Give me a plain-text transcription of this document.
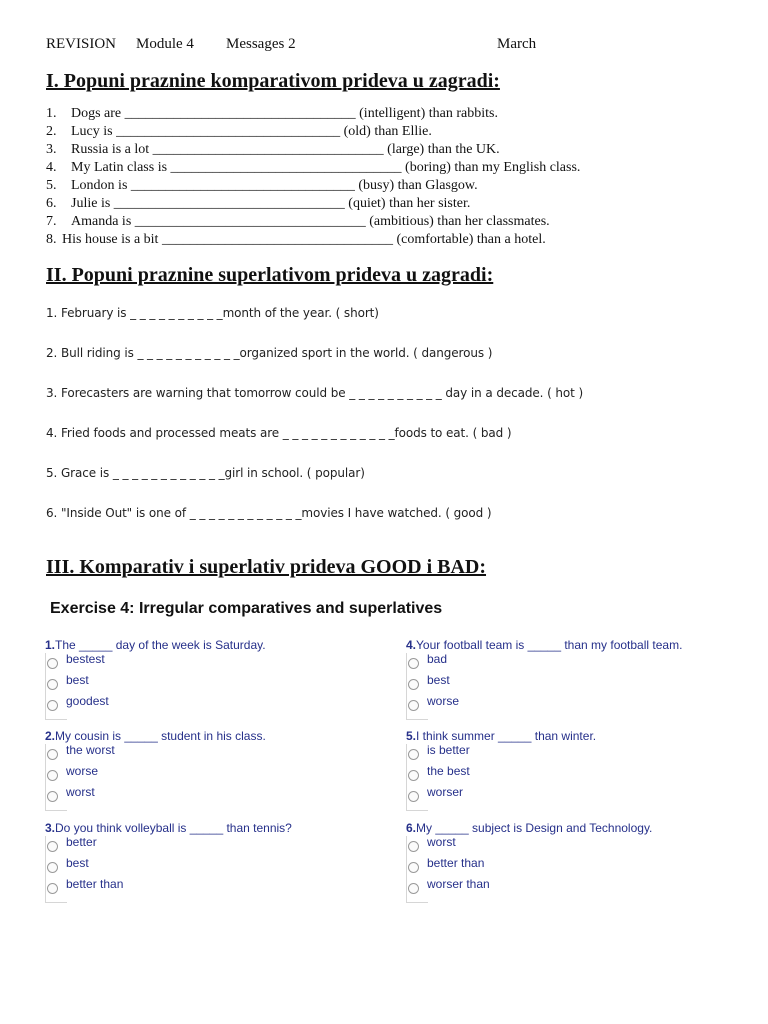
REVISION Module 4 Messages 2	March
I. Popuni praznine komparativom prideva u zagradi:
1. Dogs are _________________________________ (intelligent) than rabbits.
2. Lucy is ________________________________ (old) than Ellie.
3. Russia is a lot _________________________________ (large) than the UK.
4. My Latin class is _________________________________ (boring) than my English class.
5. London is ________________________________ (busy) than Glasgow.
6. Julie is _________________________________ (quiet) than her sister.
7. Amanda is _________________________________ (ambitious) than her classmates.
8. His house is a bit _________________________________ (comfortable) than a hotel.
II. Popuni praznine superlativom prideva u zagradi:
1. February is _ _ _ _ _ _ _ _ _ _month of the year. ( short)
2. Bull riding is _ _ _ _ _ _ _ _ _ _ _organized sport in the world. ( dangerous )
3. Forecasters are warning that tomorrow could be _ _ _ _ _ _ _ _ _ _ day in a decade. ( hot )
4. Fried foods and processed meats are _ _ _ _ _ _ _ _ _ _ _ _foods to eat. ( bad )
5. Grace is _ _ _ _ _ _ _ _ _ _ _ _girl in school. ( popular)
6. "Inside Out" is one of _ _ _ _ _ _ _ _ _ _ _ _movies I have watched. ( good )
III. Komparativ i superlativ prideva GOOD i BAD:
Exercise 4: Irregular comparatives and superlatives
1.The _____ day of the week is Saturday.
bestest
best
goodest
2.My cousin is _____ student in his class.
the worst
worse
worst
3.Do you think volleyball is _____ than tennis?
better
best
better than
4.Your football team is _____ than my football team.
bad
best
worse
5.I think summer _____ than winter.
is better
the best
worser
6.My _____ subject is Design and Technology.
worst
better than
worser than
